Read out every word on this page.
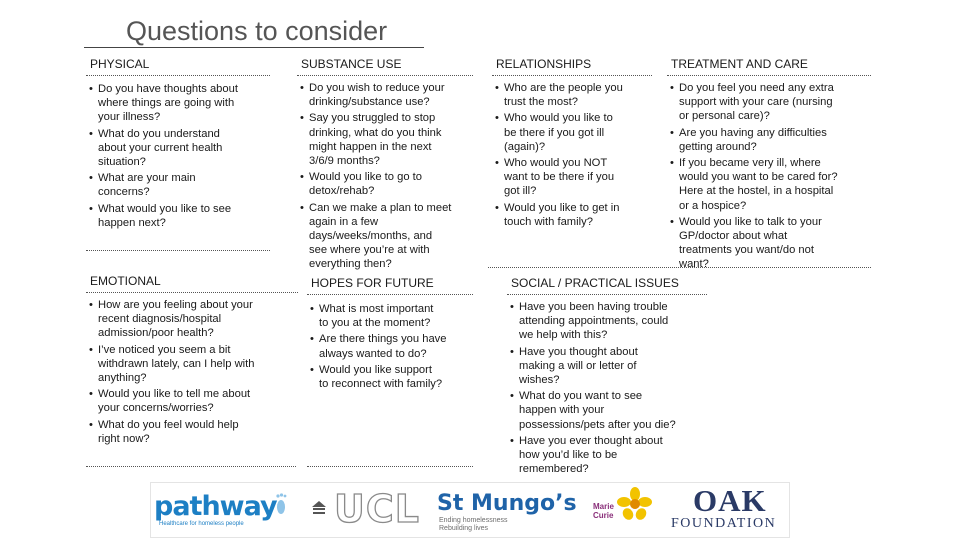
Questions to consider
PHYSICAL
• Do you have thoughts about
where things are going with
your illness?
• What do you understand
about your current health
situation?
• What are your main
concerns?
• What would you like to see
happen next?
SUBSTANCE USE
• Do you wish to reduce your
drinking/substance use?
• Say you struggled to stop
drinking, what do you think
might happen in the next
3/6/9 months?
• Would you like to go to
detox/rehab?
• Can we make a plan to meet
again in a few
days/weeks/months, and
see where you’re at with
everything then?
RELATIONSHIPS
• Who are the people you
trust the most?
• Who would you like to
be there if you got ill
(again)?
• Who would you NOT
want to be there if you
got ill?
• Would you like to get in
touch with family?
TREATMENT AND CARE
• Do you feel you need any extra
support with your care (nursing
or personal care)?
• Are you having any difficulties
getting around?
• If you became very ill, where
would you want to be cared for?
Here at the hostel, in a hospital
or a hospice?
• Would you like to talk to your
GP/doctor about what
treatments you want/do not
want?
EMOTIONAL
• How are you feeling about your
recent diagnosis/hospital
admission/poor health?
• I’ve noticed you seem a bit
withdrawn lately, can I help with
anything?
• Would you like to tell me about
your concerns/worries?
• What do you feel would help
right now?
HOPES FOR FUTURE
• What is most important
to you at the moment?
• Are there things you have
always wanted to do?
• Would you like support
to reconnect with family?
SOCIAL / PRACTICAL ISSUES
• Have you been having trouble
attending appointments, could
we help with this?
• Have you thought about
making a will or letter of
wishes?
• What do you want to see
happen with your
possessions/pets after you die?
• Have you ever thought about
how you’d like to be
remembered?
pathway
Healthcare for homeless people UCL St Mungo’s
Ending homelessness
Rebuilding lives
Marie
Curie	OAK
FOUNDATION
